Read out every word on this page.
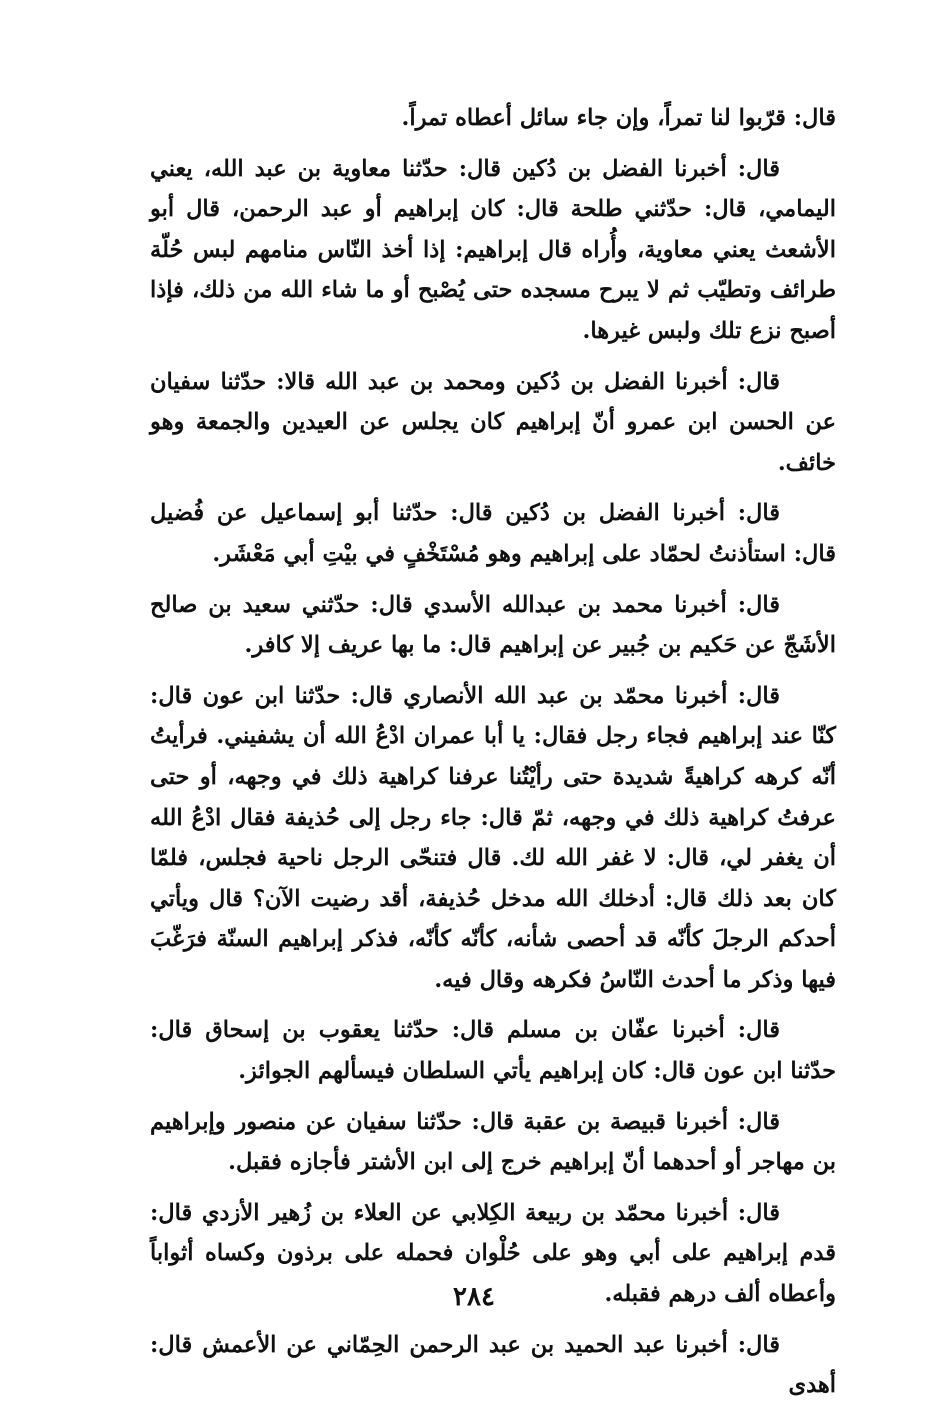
قال: قرّبوا لنا تمراً، وإن جاء سائل أعطاه تمراً.

قال: أخبرنا الفضل بن دُكين قال: حدّثنا معاوية بن عبد الله، يعني اليمامي، قال: حدّثني طلحة قال: كان إبراهيم أو عبد الرحمن، قال أبو الأشعث يعني معاوية، وأُراه قال إبراهيم: إذا أخذ النّاس منامهم لبس حُلّة طرائف وتطيّب ثم لا يبرح مسجده حتى يُصْبح أو ما شاء الله من ذلك، فإذا أصبح نزع تلك ولبس غيرها.

قال: أخبرنا الفضل بن دُكين ومحمد بن عبد الله قالا: حدّثنا سفيان عن الحسن ابن عمرو أنّ إبراهيم كان يجلس عن العيدين والجمعة وهو خائف.

قال: أخبرنا الفضل بن دُكين قال: حدّثنا أبو إسماعيل عن فُضيل قال: استأذنتُ لحمّاد على إبراهيم وهو مُسْتَخْفٍ في بيْتِ أبي مَعْشَر.

قال: أخبرنا محمد بن عبدالله الأسدي قال: حدّثني سعيد بن صالح الأشَجّ عن حَكيم بن جُبير عن إبراهيم قال: ما بها عريف إلا كافر.

قال: أخبرنا محمّد بن عبد الله الأنصاري قال: حدّثنا ابن عون قال: كنّا عند إبراهيم فجاء رجل فقال: يا أبا عمران ادْعُ الله أن يشفيني. فرأيتُ أنّه كرهه كراهيةً شديدة حتى رأيْتُنا عرفنا كراهية ذلك في وجهه، أو حتى عرفتُ كراهية ذلك في وجهه، ثمّ قال: جاء رجل إلى حُذيفة فقال ادْعُ الله أن يغفر لي، قال: لا غفر الله لك. قال فتنحّى الرجل ناحية فجلس، فلمّا كان بعد ذلك قال: أدخلك الله مدخل حُذيفة، أقد رضيت الآن؟ قال ويأتي أحدكم الرجلَ كأنّه قد أحصى شأنه، كأنّه كأنّه، فذكر إبراهيم السنّة فرَغّبَ فيها وذكر ما أحدث النّاسُ فكرهه وقال فيه.

قال: أخبرنا عفّان بن مسلم قال: حدّثنا يعقوب بن إسحاق قال: حدّثنا ابن عون قال: كان إبراهيم يأتي السلطان فيسألهم الجوائز.

قال: أخبرنا قبيصة بن عقبة قال: حدّثنا سفيان عن منصور وإبراهيم بن مهاجر أو أحدهما أنّ إبراهيم خرج إلى ابن الأشتر فأجازه فقبل.

قال: أخبرنا محمّد بن ربيعة الكِلابي عن العلاء بن زُهير الأزدي قال: قدم إبراهيم على أبي وهو على حُلْوان فحمله على برذون وكساه أثواباً وأعطاه ألف درهم فقبله.

قال: أخبرنا عبد الحميد بن عبد الرحمن الحِمّاني عن الأعمش قال: أهدى

٢٨٤
